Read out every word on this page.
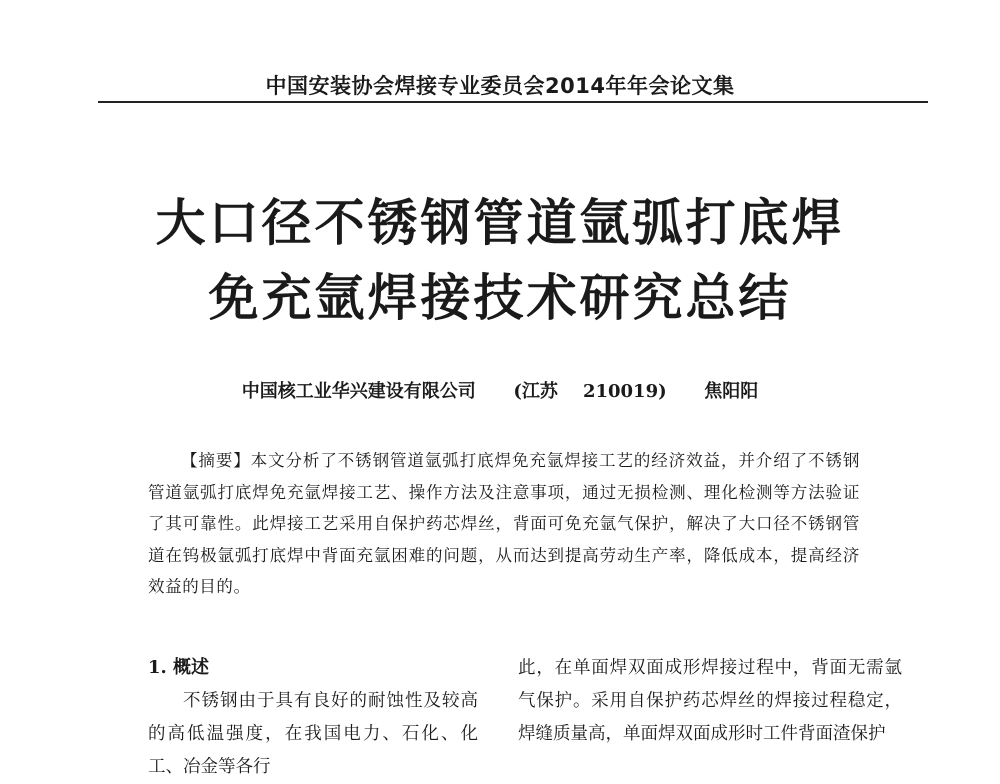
中国安装协会焊接专业委员会2014年年会论文集
大口径不锈钢管道氩弧打底焊
免充氩焊接技术研究总结
中国核工业华兴建设有限公司      (江苏    210019)      焦阳阳
【摘要】本文分析了不锈钢管道氩弧打底焊免充氩焊接工艺的经济效益，并介绍了不锈钢管道氩弧打底焊免充氩焊接工艺、操作方法及注意事项，通过无损检测、理化检测等方法验证了其可靠性。此焊接工艺采用自保护药芯焊丝，背面可免充氩气保护，解决了大口径不锈钢管道在钨极氩弧打底焊中背面充氩困难的问题，从而达到提高劳动生产率，降低成本，提高经济效益的目的。
1. 概述
不锈钢由于具有良好的耐蚀性及较高的高低温强度，在我国电力、石化、化工、冶金等各行
此，在单面焊双面成形焊接过程中，背面无需氩气保护。采用自保护药芯焊丝的焊接过程稳定，焊缝质量高，单面焊双面成形时工件背面渣保护
